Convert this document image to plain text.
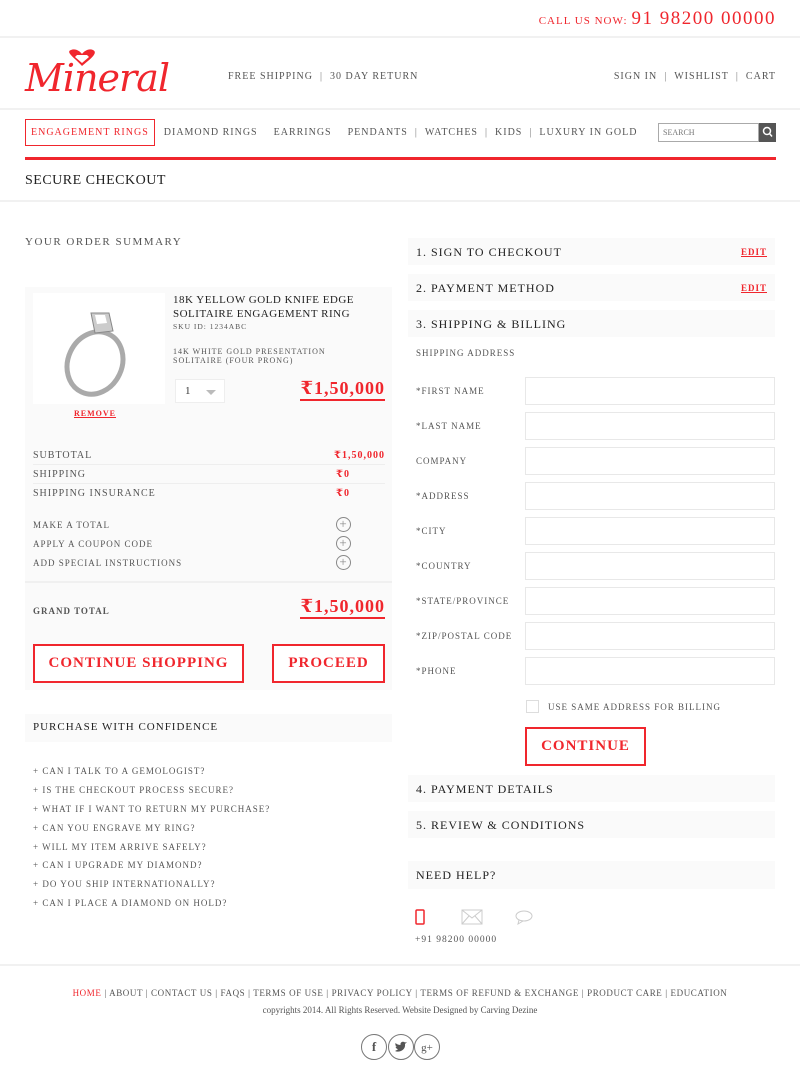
CALL US NOW: 91 98200 00000
Mineral	FREE SHIPPING | 30 DAY RETURN	SIGN IN | WISHLIST | CART
ENGAGEMENT RINGS	DIAMOND RINGS EARRINGS PENDANTS | WATCHES | KIDS | LUXURY IN GOLD
SEARCH
SECURE CHECKOUT
YOUR ORDER SUMMARY
REMOVE
18K YELLOW GOLD KNIFE EDGE SOLITAIRE ENGAGEMENT RING
SKU ID: 1234ABC
14K WHITE GOLD PRESENTATION SOLITAIRE (FOUR PRONG)
1	₹1,50,000
SUBTOTAL	₹1,50,000
SHIPPING	₹0
SHIPPING INSURANCE	₹0
MAKE A TOTAL	+
APPLY A COUPON CODE	+
ADD SPECIAL INSTRUCTIONS	+
GRAND TOTAL	₹1,50,000
CONTINUE SHOPPING	PROCEED
PURCHASE WITH CONFIDENCE
+ CAN I TALK TO A GEMOLOGIST?
+ IS THE CHECKOUT PROCESS SECURE?
+ WHAT IF I WANT TO RETURN MY PURCHASE?
+ CAN YOU ENGRAVE MY RING?
+ WILL MY ITEM ARRIVE SAFELY?
+ CAN I UPGRADE MY DIAMOND?
+ DO YOU SHIP INTERNATIONALLY?
+ CAN I PLACE A DIAMOND ON HOLD?
1. SIGN TO CHECKOUT	EDIT
2. PAYMENT METHOD	EDIT
3. SHIPPING & BILLING
SHIPPING ADDRESS
*FIRST NAME
*LAST NAME
COMPANY
*ADDRESS
*CITY
*COUNTRY
*STATE/PROVINCE
*ZIP/POSTAL CODE
*PHONE
USE SAME ADDRESS FOR BILLING
CONTINUE
4. PAYMENT DETAILS
5. REVIEW & CONDITIONS
NEED HELP?
+91 98200 00000
HOME | ABOUT | CONTACT US | FAQS | TERMS OF USE | PRIVACY POLICY | TERMS OF REFUND & EXCHANGE | PRODUCT CARE | EDUCATION
copyrights 2014. All Rights Reserved. Website Designed by Carving Dezine
f	g+
